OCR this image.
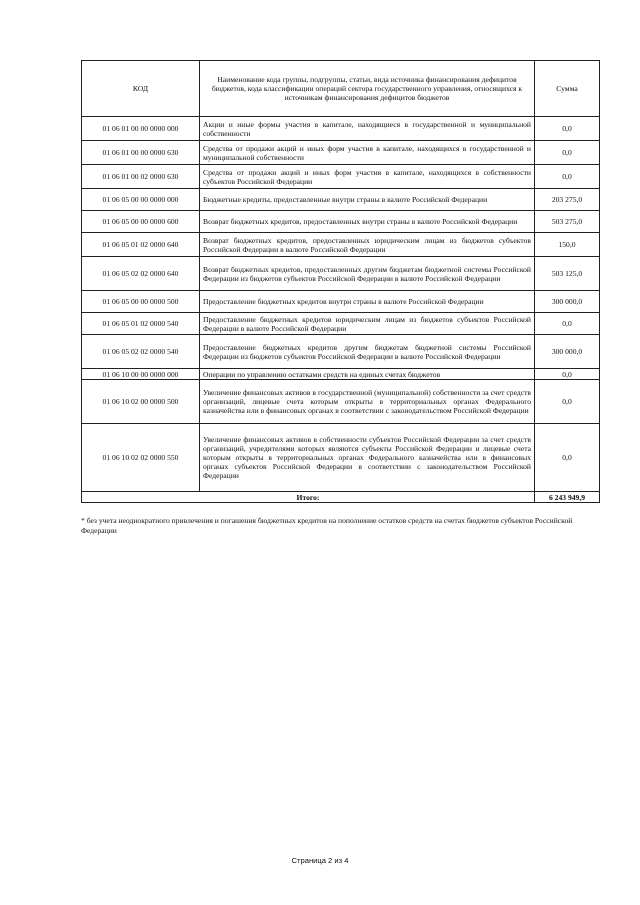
КОД	Наименование кода группы, подгруппы, статьи, вида источника финансирования дефицитов бюджетов, кода классификации операций сектора государственного управления, относящихся к источникам финансирования дефицитов бюджетов	Сумма
01 06 01 00 00 0000 000	Акции и иные формы участия в капитале, находящиеся в государственной и муниципальной собственности	0,0
01 06 01 00 00 0000 630	Средства от продажи акций и иных форм участия в капитале, находящихся в государственной и муниципальной собственности	0,0
01 06 01 00 02 0000 630	Средства от продажи акций и иных форм участия в капитале, находящихся в собственности субъектов Российской Федерации	0,0
01 06 05 00 00 0000 000	Бюджетные кредиты, предоставленные внутри страны в валюте Российской Федерации	203 275,0
01 06 05 00 00 0000 600	Возврат бюджетных кредитов, предоставленных внутри страны в валюте Российской Федерации	503 275,0
01 06 05 01 02 0000 640	Возврат бюджетных кредитов, предоставленных юридическим лицам из бюджетов субъектов Российской Федерации в валюте Российской Федерации	150,0
01 06 05 02 02 0000 640	Возврат бюджетных кредитов, предоставленных другим бюджетам бюджетной системы Российской Федерации из бюджетов субъектов Российской Федерации в валюте Российской Федерации	503 125,0
01 06 05 00 00 0000 500	Предоставление бюджетных кредитов внутри страны в валюте Российской Федерации	300 000,0
01 06 05 01 02 0000 540	Предоставление бюджетных кредитов юридическим лицам из бюджетов субъектов Российской Федерации в валюте Российской Федерации	0,0
01 06 05 02 02 0000 540	Предоставление бюджетных кредитов другим бюджетам бюджетной системы Российской Федерации из бюджетов субъектов Российской Федерации в валюте Российской Федерации	300 000,0
01 06 10 00 00 0000 000	Операции по управлению остатками средств на единых счетах бюджетов	0,0
01 06 10 02 00 0000 500	Увеличение финансовых активов в государственной (муниципальной) собственности за счет средств организаций, лицевые счета которым открыты в территориальных органах Федерального казначейства или в финансовых органах в соответствии с законодательством Российской Федерации	0,0
01 06 10 02 02 0000 550	Увеличение финансовых активов в собственности субъектов Российской Федерации за счет средств организаций, учредителями которых являются субъекты Российской Федерации и лицевые счета которым открыты в территориальных органах Федерального казначейства или в финансовых органах субъектов Российской Федерации в соответствии с законодательством Российской Федерации	0,0
Итого:		6 243 949,9
* без учета неоднократного привлечения и погашения бюджетных кредитов на пополнение остатков средств на счетах бюджетов субъектов Российской Федерации
Страница 2 из 4
